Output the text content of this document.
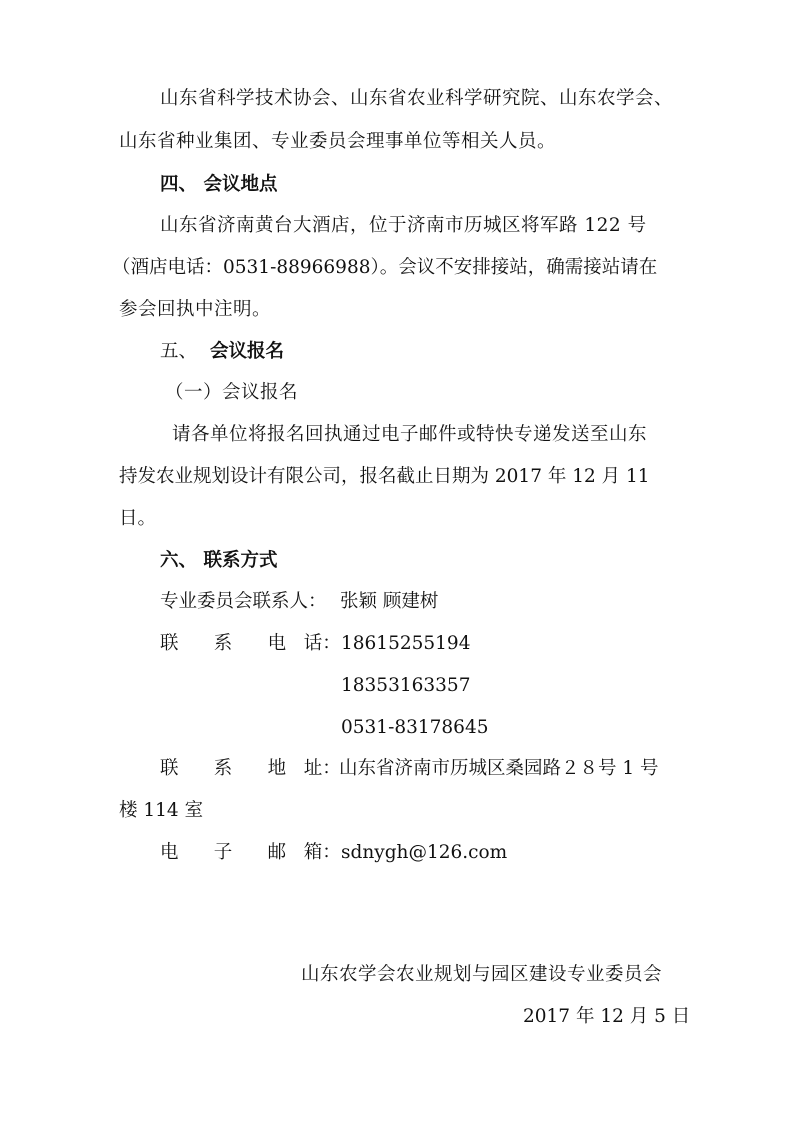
山东省科学技术协会、山东省农业科学研究院、山东农学会、
山东省种业集团、专业委员会理事单位等相关人员。
四、 会议地点
山东省济南黄台大酒店，位于济南市历城区将军路 122 号
（酒店电话：0531-88966988）。会议不安排接站，确需接站请在
参会回执中注明。
五、 会议报名
（一）会议报名
请各单位将报名回执通过电子邮件或特快专递发送至山东
持发农业规划设计有限公司，报名截止日期为 2017 年 12 月 11
日。
六、 联系方式
专业委员会联系人： 张颖 顾建树
联      系      电   话： 18615255194
18353163357
0531-83178645
联      系      地   址：
山东省济南市历城区桑园路２８号 1 号
楼 114 室
电      子      邮   箱： sdnygh@126.com
山东农学会农业规划与园区建设专业委员会
2017 年 12 月 5 日
